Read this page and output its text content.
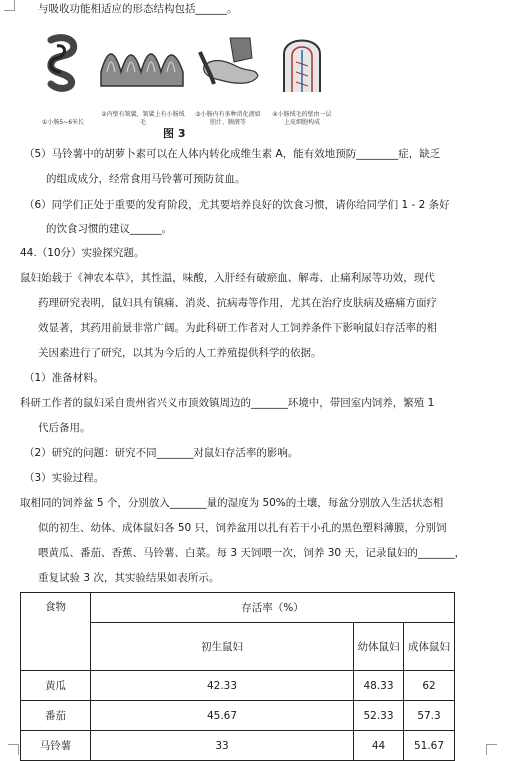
与吸收功能相适应的形态结构包括______。
①小肠5~6米长
②内壁有皱襞，皱襞上有小肠绒毛
③小肠内有多种消化液如胆汁、胰液等
④小肠绒毛的壁由一层上皮细胞构成
图 3
（5）马铃薯中的胡萝卜素可以在人体内转化成维生素 A，能有效地预防________症，缺乏
的组成成分，经常食用马铃薯可预防贫血。
（6）同学们正处于重要的发育阶段，尤其要培养良好的饮食习惯，请你给同学们 1 - 2 条好
的饮食习惯的建议______。
44.（10分）实验探究题。
鼠妇始载于《神农本草》，其性温，味酸，入肝经有破瘀血、解毒、止痛利尿等功效，现代
药理研究表明，鼠妇具有镇痛、消炎、抗病毒等作用，尤其在治疗皮肤病及癌痛方面疗
效显著，其药用前景非常广阔。为此科研工作者对人工饲养条件下影响鼠妇存活率的相
关因素进行了研究，以其为今后的人工养殖提供科学的依据。
（1）准备材料。
科研工作者的鼠妇采自贵州省兴义市顶效镇周边的_______环境中，带回室内饲养，繁殖 1
代后备用。
（2）研究的问题：研究不同_______对鼠妇存活率的影响。
（3）实验过程。
取相同的饲养盆 5 个，分别放入_______量的湿度为 50%的土壤，每盆分别放入生活状态相
似的初生、幼体、成体鼠妇各 50 只，饲养盆用以扎有若干小孔的黑色塑料薄膜，分别饲
喂黄瓜、番茄、香蕉、马铃薯、白菜。每 3 天饲喂一次，饲养 30 天，记录鼠妇的_______，
重复试验 3 次，其实验结果如表所示。
食物	存活率（%）		
	初生鼠妇	幼体鼠妇	成体鼠妇
黄瓜	42.33	48.33	62
番茄	45.67	52.33	57.3
马铃薯	33	44	51.67
